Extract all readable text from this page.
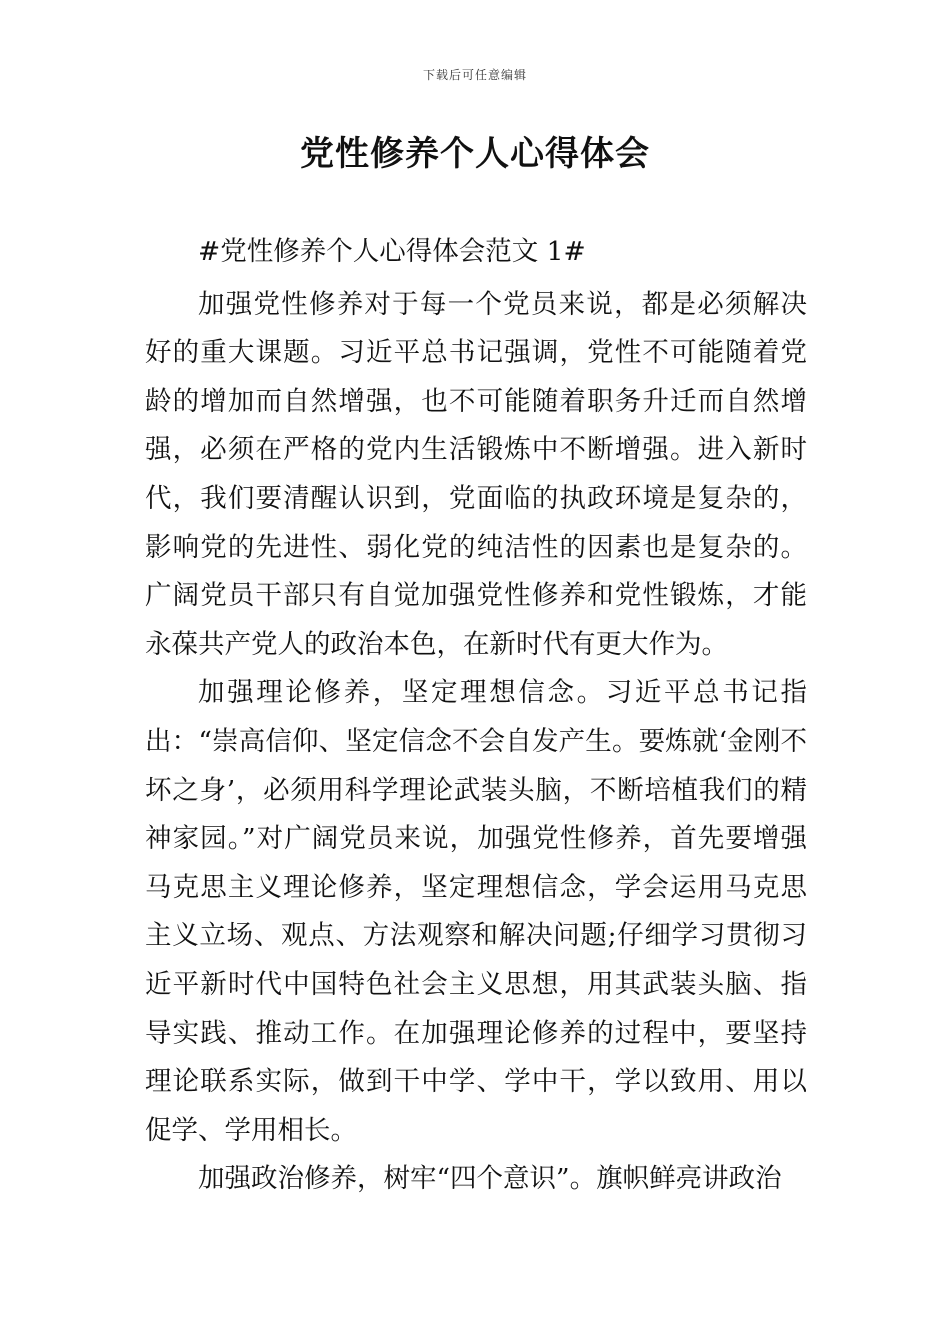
下载后可任意编辑
党性修养个人心得体会

#党性修养个人心得体会范文 1#

加强党性修养对于每一个党员来说，都是必须解决好的重大课题。习近平总书记强调，党性不可能随着党龄的增加而自然增强，也不可能随着职务升迁而自然增强，必须在严格的党内生活锻炼中不断增强。进入新时代，我们要清醒认识到，党面临的执政环境是复杂的，影响党的先进性、弱化党的纯洁性的因素也是复杂的。广阔党员干部只有自觉加强党性修养和党性锻炼，才能永葆共产党人的政治本色，在新时代有更大作为。

加强理论修养，坚定理想信念。习近平总书记指出：“崇高信仰、坚定信念不会自发产生。要炼就‘金刚不坏之身’，必须用科学理论武装头脑，不断培植我们的精神家园。”对广阔党员来说，加强党性修养，首先要增强马克思主义理论修养，坚定理想信念，学会运用马克思主义立场、观点、方法观察和解决问题;仔细学习贯彻习近平新时代中国特色社会主义思想，用其武装头脑、指导实践、推动工作。在加强理论修养的过程中，要坚持理论联系实际，做到干中学、学中干，学以致用、用以促学、学用相长。

加强政治修养，树牢“四个意识”。旗帜鲜亮讲政治
